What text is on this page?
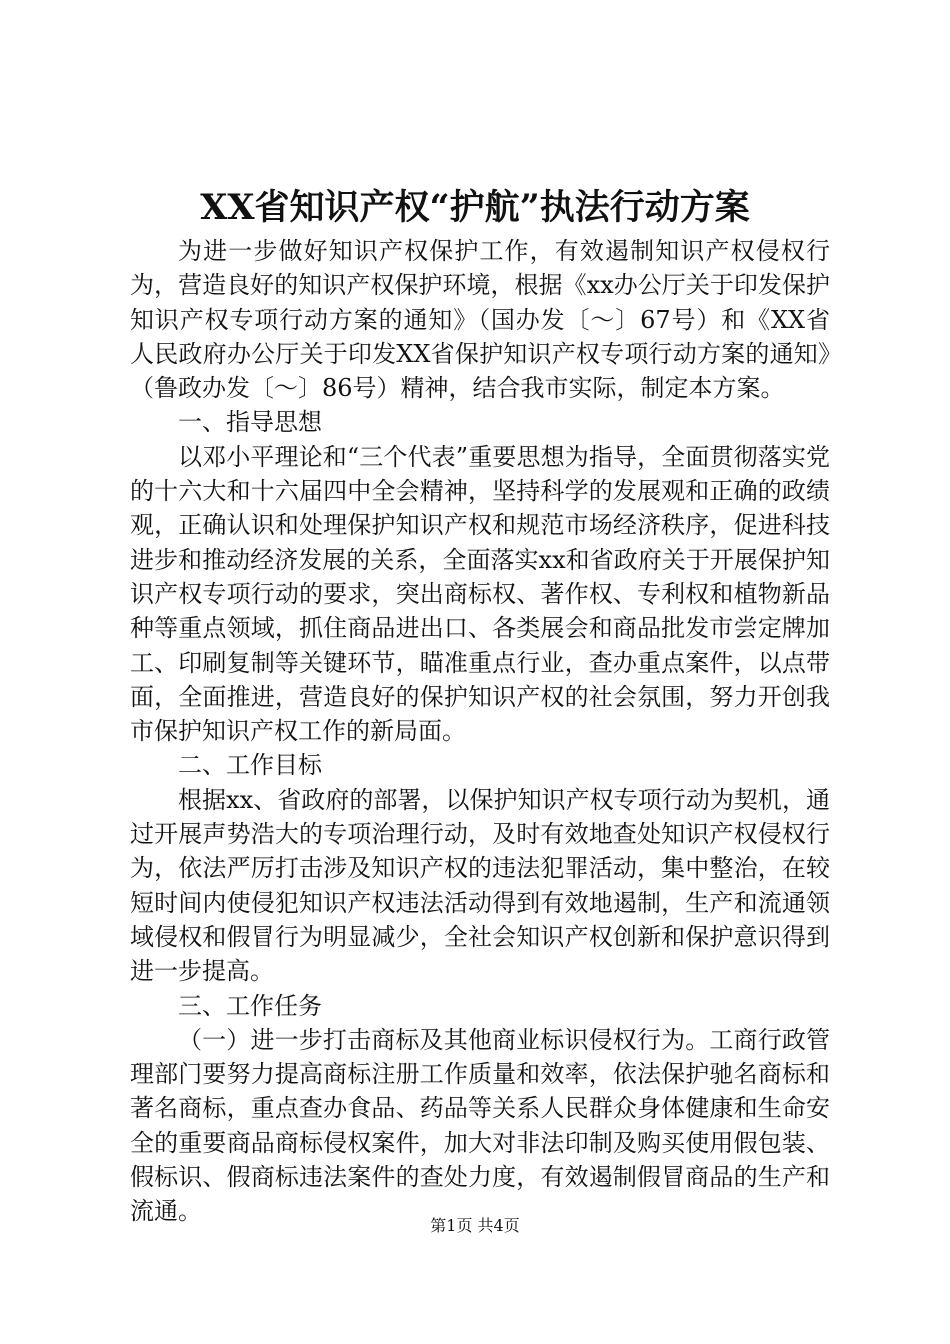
XX省知识产权“护航”执法行动方案

为进一步做好知识产权保护工作，有效遏制知识产权侵权行为，营造良好的知识产权保护环境，根据《xx办公厅关于印发保护知识产权专项行动方案的通知》（国办发〔～〕67号）和《XX省人民政府办公厅关于印发XX省保护知识产权专项行动方案的通知》（鲁政办发〔～〕86号）精神，结合我市实际，制定本方案。

一、指导思想

以邓小平理论和“三个代表”重要思想为指导，全面贯彻落实党的十六大和十六届四中全会精神，坚持科学的发展观和正确的政绩观，正确认识和处理保护知识产权和规范市场经济秩序，促进科技进步和推动经济发展的关系，全面落实xx和省政府关于开展保护知识产权专项行动的要求，突出商标权、著作权、专利权和植物新品种等重点领域，抓住商品进出口、各类展会和商品批发市尝定牌加工、印刷复制等关键环节，瞄准重点行业，查办重点案件，以点带面，全面推进，营造良好的保护知识产权的社会氛围，努力开创我市保护知识产权工作的新局面。

二、工作目标

根据xx、省政府的部署，以保护知识产权专项行动为契机，通过开展声势浩大的专项治理行动，及时有效地查处知识产权侵权行为，依法严厉打击涉及知识产权的违法犯罪活动，集中整治，在较短时间内使侵犯知识产权违法活动得到有效地遏制，生产和流通领域侵权和假冒行为明显减少，全社会知识产权创新和保护意识得到进一步提高。

三、工作任务

（一）进一步打击商标及其他商业标识侵权行为。工商行政管理部门要努力提高商标注册工作质量和效率，依法保护驰名商标和著名商标，重点查办食品、药品等关系人民群众身体健康和生命安全的重要商品商标侵权案件，加大对非法印制及购买使用假包装、假标识、假商标违法案件的查处力度，有效遏制假冒商品的生产和流通。

第1页 共4页
